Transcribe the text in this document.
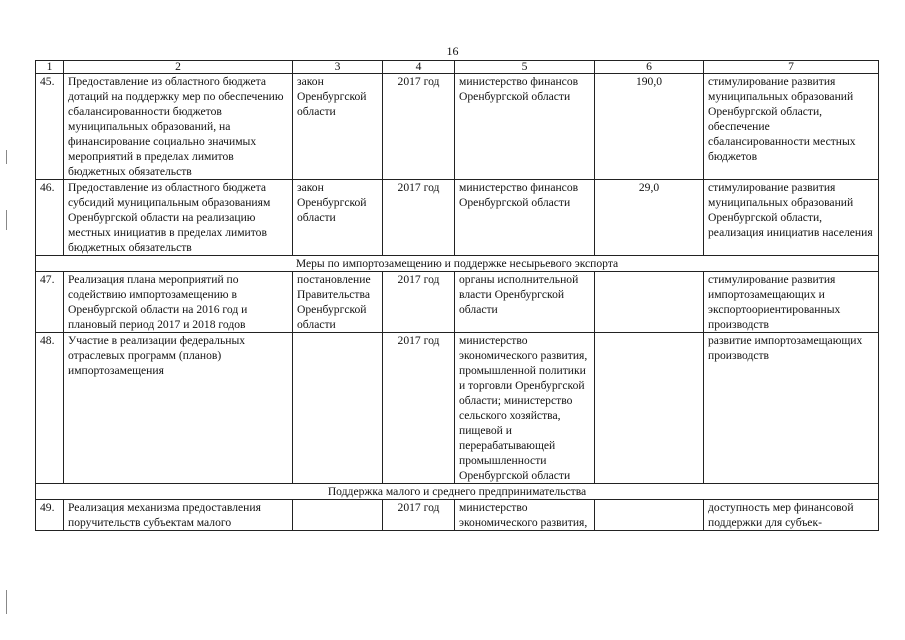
16
1	2	3	4	5	6	7
45.	Предоставление из областного бюджета дотаций на поддержку мер по обеспечению сбалансированности бюджетов муниципальных образований, на финансирование социально значимых мероприятий в пределах лимитов бюджетных обязательств	закон Оренбургской области	2017 год	министерство финансов Оренбургской области	190,0	стимулирование развития муниципальных образований Оренбургской области, обеспечение сбалансированности местных бюджетов
46.	Предоставление из областного бюджета субсидий муниципальным образованиям Оренбургской области на реализацию местных инициатив в пределах лимитов бюджетных обязательств	закон Оренбургской области	2017 год	министерство финансов Оренбургской области	29,0	стимулирование развития муниципальных образований Оренбургской области, реализация инициатив населения
Меры по импортозамещению и поддержке несырьевого экспорта						
47.	Реализация плана мероприятий по содействию импортозамещению в Оренбургской области на 2016 год и плановый период 2017 и 2018 годов	постановление Правительства Оренбургской области	2017 год	органы исполнительной власти Оренбургской области		стимулирование развития импортозамещающих и экспортоориентированных производств
48.	Участие в реализации федеральных отраслевых программ (планов) импортозамещения		2017 год	министерство экономического развития, промышленной политики и торговли Оренбургской области; министерство сельского хозяйства, пищевой и перерабатывающей промышленности Оренбургской области		развитие импортозамещающих производств
Поддержка малого и среднего предпринимательства						
49.	Реализация механизма предоставления поручительств субъектам малого		2017 год	министерство экономического развития,		доступность мер финансовой поддержки для субъек-
